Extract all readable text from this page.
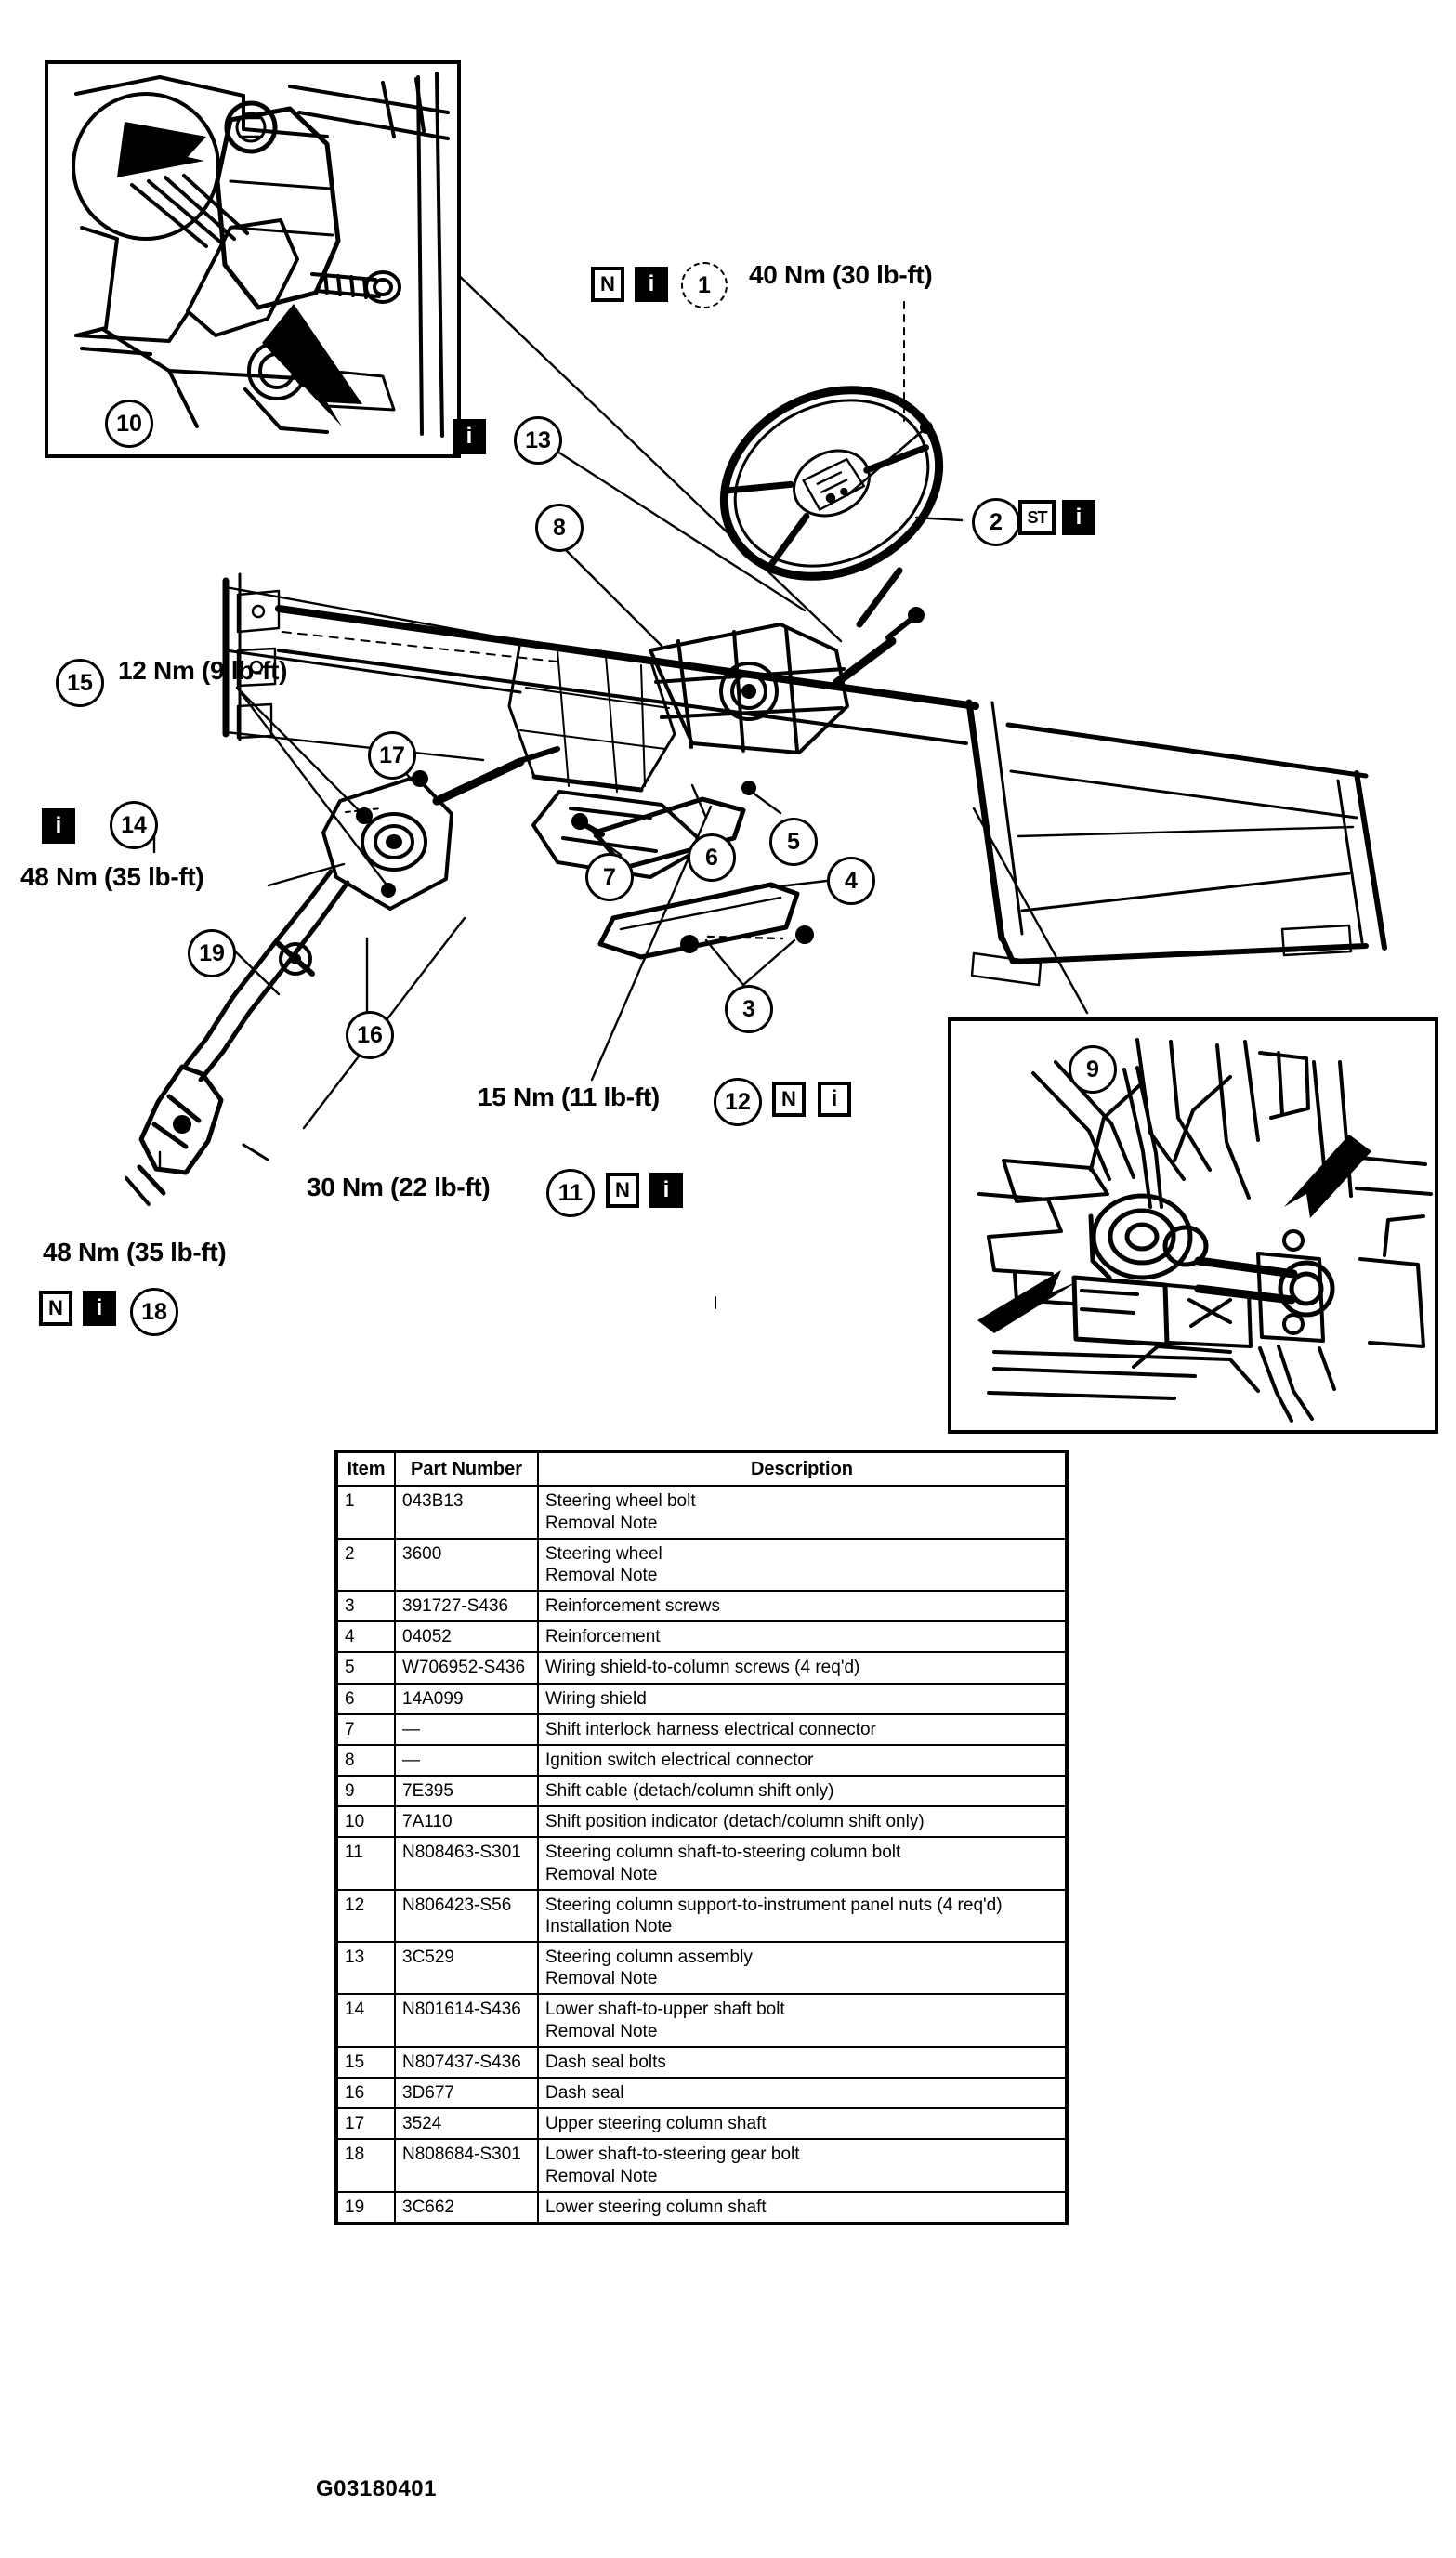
N	i	1	40 Nm (30 lb-ft)
i	13
8	2	ST	i
15 12 Nm (9 lb-ft)
17
i	14
48 Nm (35 lb-ft)
19
16
7
6
5
4
3
15 Nm (11 lb-ft)	12	N	i
30 Nm (22 lb-ft)	11	N	i
48 Nm (35 lb-ft)
N	i	18
10
9
Item	Part Number	Description
1	043B13	Steering wheel bolt
Removal Note

2	3600	Steering wheel
Removal Note

3	391727-S436	Reinforcement screws

4	04052	Reinforcement

5	W706952-S436	Wiring shield-to-column screws (4 req'd)

6	14A099	Wiring shield

7	—	Shift interlock harness electrical connector

8	—	Ignition switch electrical connector

9	7E395	Shift cable (detach/column shift only)

10	7A110	Shift position indicator (detach/column shift only)

11	N808463-S301	Steering column shaft-to-steering column bolt
Removal Note

12	N806423-S56	Steering column support-to-instrument panel nuts (4 req'd)
Installation Note

13	3C529	Steering column assembly
Removal Note

14	N801614-S436	Lower shaft-to-upper shaft bolt
Removal Note

15	N807437-S436	Dash seal bolts

16	3D677	Dash seal

17	3524	Upper steering column shaft

18	N808684-S301	Lower shaft-to-steering gear bolt
Removal Note

19	3C662	Lower steering column shaft
G03180401
